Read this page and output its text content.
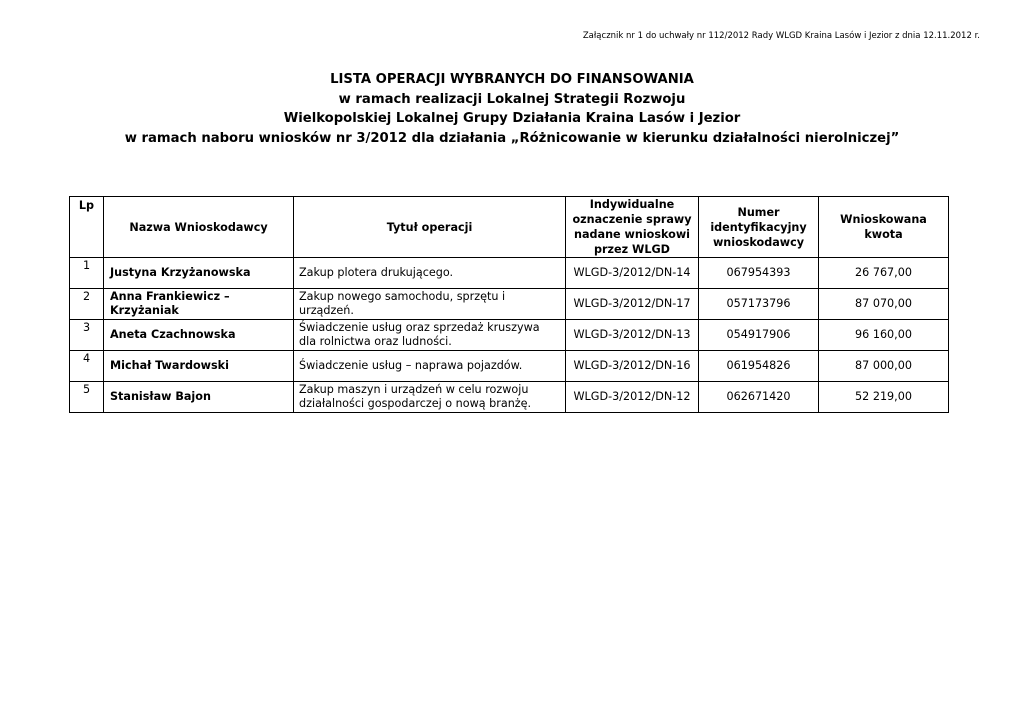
Załącznik nr 1 do uchwały nr 112/2012 Rady WLGD Kraina Lasów i Jezior z dnia 12.11.2012 r.
LISTA OPERACJI WYBRANYCH DO FINANSOWANIA
w ramach realizacji Lokalnej Strategii Rozwoju
Wielkopolskiej Lokalnej Grupy Działania Kraina Lasów i Jezior
w ramach naboru wniosków nr 3/2012 dla działania „Różnicowanie w kierunku działalności nierolniczej”
Lp	Nazwa Wnioskodawcy	Tytuł operacji	Indywidualne oznaczenie sprawy nadane wnioskowi przez WLGD	Numer identyfikacyjny wnioskodawcy	Wnioskowana kwota
1	Justyna Krzyżanowska	Zakup plotera drukującego.	WLGD-3/2012/DN-14	067954393	26 767,00
2	Anna Frankiewicz – Krzyżaniak	Zakup nowego samochodu, sprzętu i urządzeń.	WLGD-3/2012/DN-17	057173796	87 070,00
3	Aneta Czachnowska	Świadczenie usług oraz sprzedaż kruszywa dla rolnictwa oraz ludności.	WLGD-3/2012/DN-13	054917906	96 160,00
4	Michał Twardowski	Świadczenie usług – naprawa pojazdów.	WLGD-3/2012/DN-16	061954826	87 000,00
5	Stanisław Bajon	Zakup maszyn i urządzeń w celu rozwoju działalności gospodarczej o nową branżę.	WLGD-3/2012/DN-12	062671420	52 219,00
